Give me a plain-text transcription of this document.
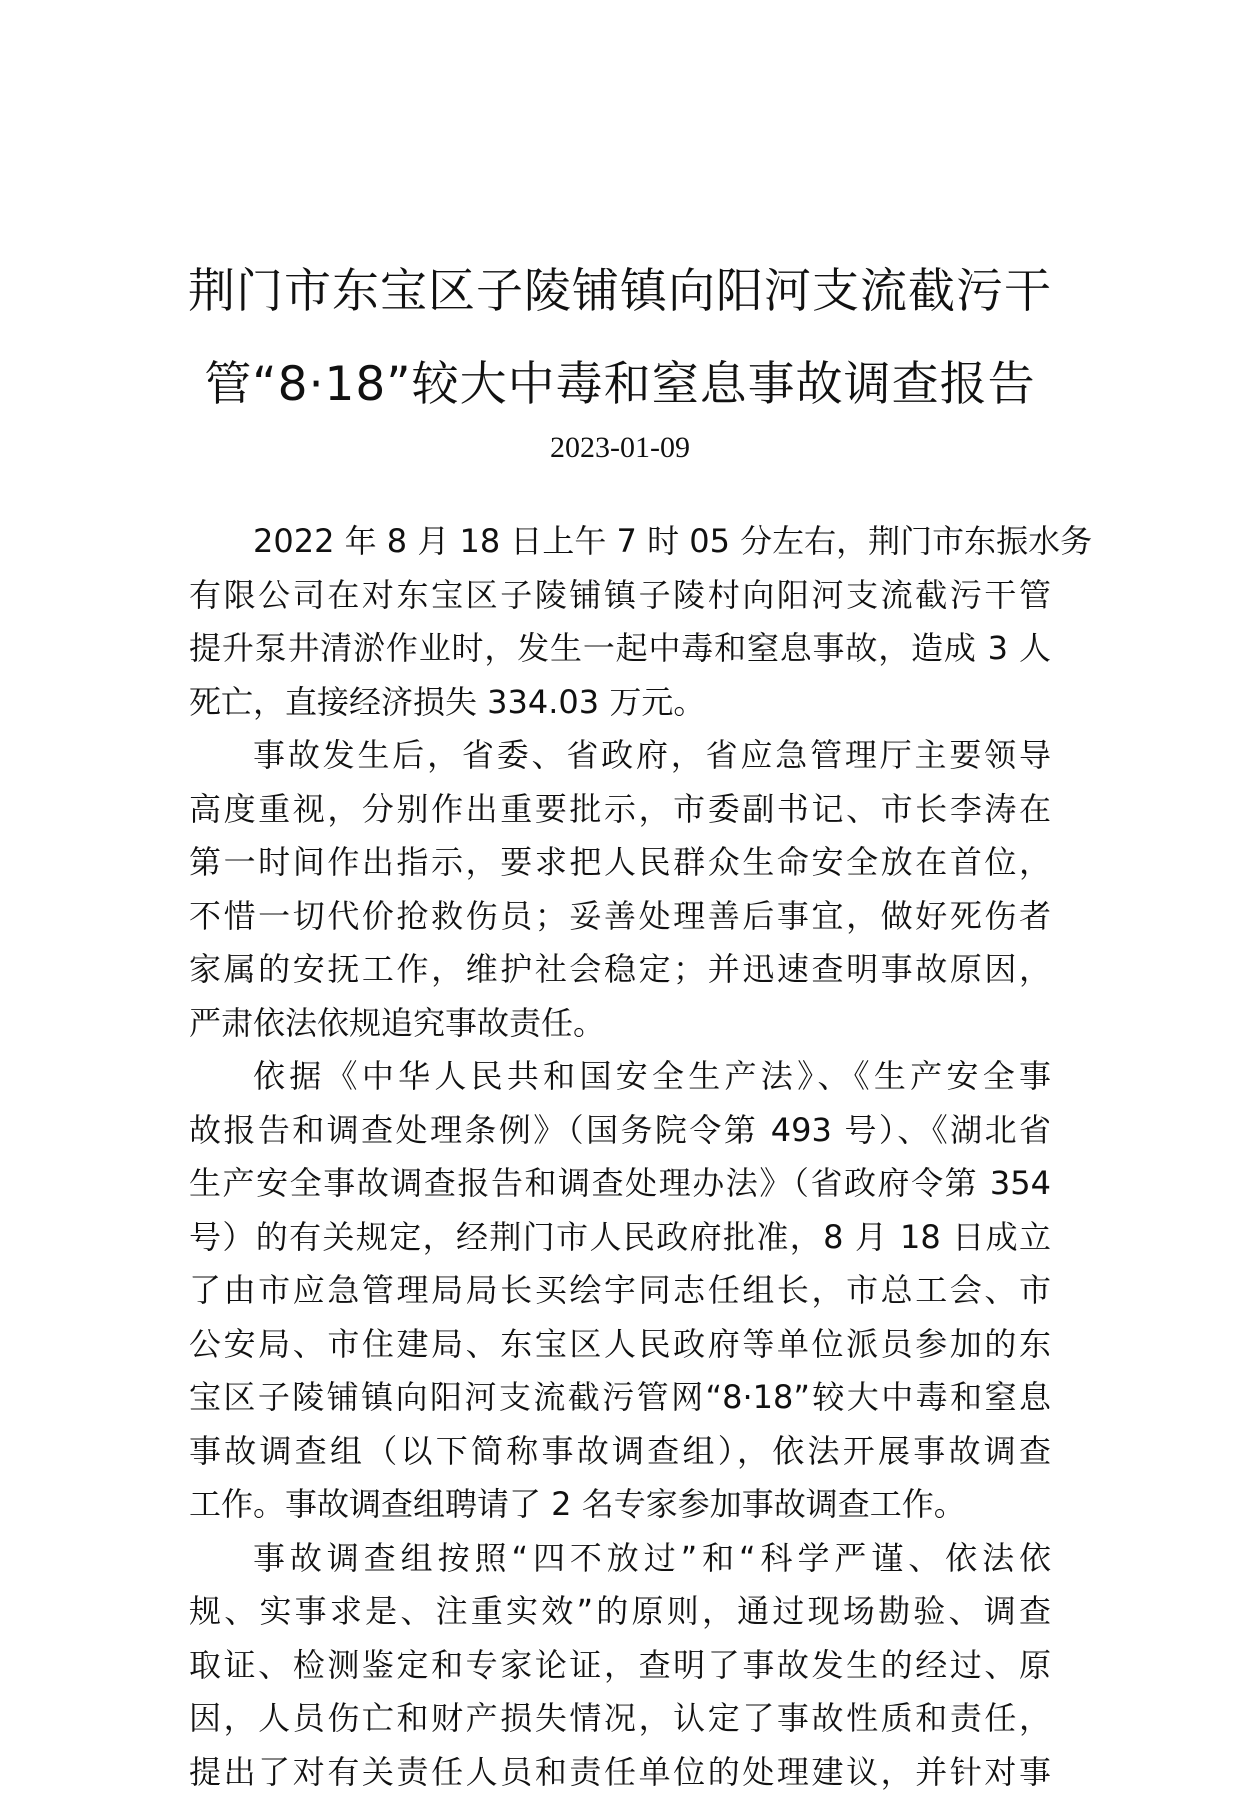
荆门市东宝区子陵铺镇向阳河支流截污干
管“8·18”较大中毒和窒息事故调查报告

2023-01-09

2022 年 8 月 18 日上午 7 时 05 分左右，荆门市东振水务
有限公司在对东宝区子陵铺镇子陵村向阳河支流截污干管
提升泵井清淤作业时，发生一起中毒和窒息事故，造成 3 人
死亡，直接经济损失 334.03 万元。
事故发生后，省委、省政府，省应急管理厅主要领导
高度重视，分别作出重要批示，市委副书记、市长李涛在
第一时间作出指示，要求把人民群众生命安全放在首位，
不惜一切代价抢救伤员；妥善处理善后事宜，做好死伤者
家属的安抚工作，维护社会稳定；并迅速查明事故原因，
严肃依法依规追究事故责任。
依据《中华人民共和国安全生产法》、《生产安全事
故报告和调查处理条例》（国务院令第 493 号）、《湖北省
生产安全事故调查报告和调查处理办法》（省政府令第 354
号）的有关规定，经荆门市人民政府批准，8 月 18 日成立
了由市应急管理局局长买绘宇同志任组长，市总工会、市
公安局、市住建局、东宝区人民政府等单位派员参加的东
宝区子陵铺镇向阳河支流截污管网“8·18”较大中毒和窒息
事故调查组（以下简称事故调查组），依法开展事故调查
工作。事故调查组聘请了 2 名专家参加事故调查工作。
事故调查组按照“四不放过”和“科学严谨、依法依
规、实事求是、注重实效”的原则，通过现场勘验、调查
取证、检测鉴定和专家论证，查明了事故发生的经过、原
因，人员伤亡和财产损失情况，认定了事故性质和责任，
提出了对有关责任人员和责任单位的处理建议，并针对事
